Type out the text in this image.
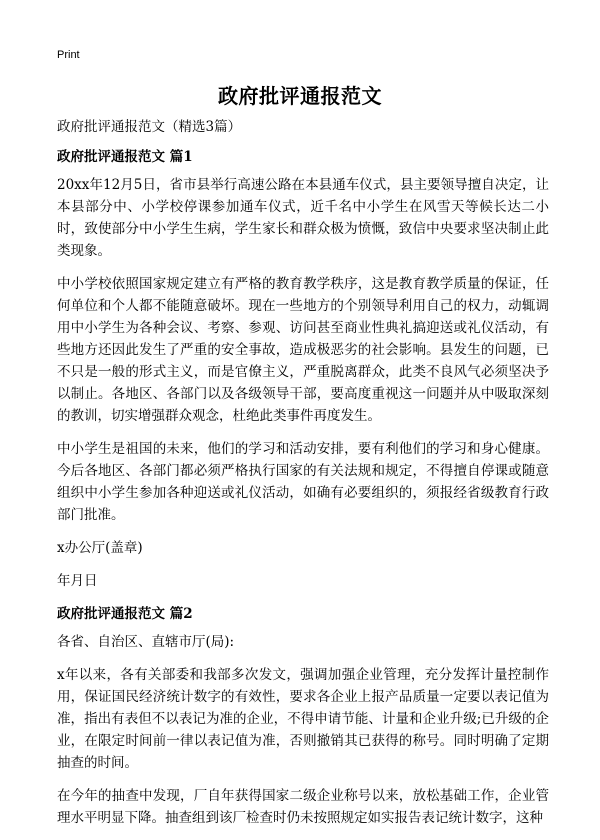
Print
政府批评通报范文

政府批评通报范文（精选3篇）

政府批评通报范文 篇1

20xx年12月5日，省市县举行高速公路在本县通车仪式，县主要领导擅自决定，让本县部分中、小学校停课参加通车仪式，近千名中小学生在风雪天等候长达二小时，致使部分中小学生生病，学生家长和群众极为愤慨，致信中央要求坚决制止此类现象。

中小学校依照国家规定建立有严格的教育教学秩序，这是教育教学质量的保证，任何单位和个人都不能随意破坏。现在一些地方的个别领导利用自己的权力，动辄调用中小学生为各种会议、考察、参观、访问甚至商业性典礼搞迎送或礼仪活动，有些地方还因此发生了严重的安全事故，造成极恶劣的社会影响。县发生的问题，已不只是一般的形式主义，而是官僚主义，严重脱离群众，此类不良风气必须坚决予以制止。各地区、各部门以及各级领导干部，要高度重视这一问题并从中吸取深刻的教训，切实增强群众观念，杜绝此类事件再度发生。

中小学生是祖国的未来，他们的学习和活动安排，要有利他们的学习和身心健康。今后各地区、各部门都必须严格执行国家的有关法规和规定，不得擅自停课或随意组织中小学生参加各种迎送或礼仪活动，如确有必要组织的，须报经省级教育行政部门批准。

x办公厅(盖章)

年月日

政府批评通报范文 篇2

各省、自治区、直辖市厅(局):

x年以来，各有关部委和我部多次发文，强调加强企业管理，充分发挥计量控制作用，保证国民经济统计数字的有效性，要求各企业上报产品质量一定要以表记值为准，指出有表但不以表记为准的企业，不得申请节能、计量和企业升级;已升级的企业，在限定时间前一律以表记值为准，否则撤销其已获得的称号。同时明确了定期抽查的时间。

在今年的抽查中发现，厂自年获得国家二级企业称号以来，放松基础工作，企业管理水平明显下降。抽查组到该厂检查时仍未按照规定如实报告表记统计数字，这种
